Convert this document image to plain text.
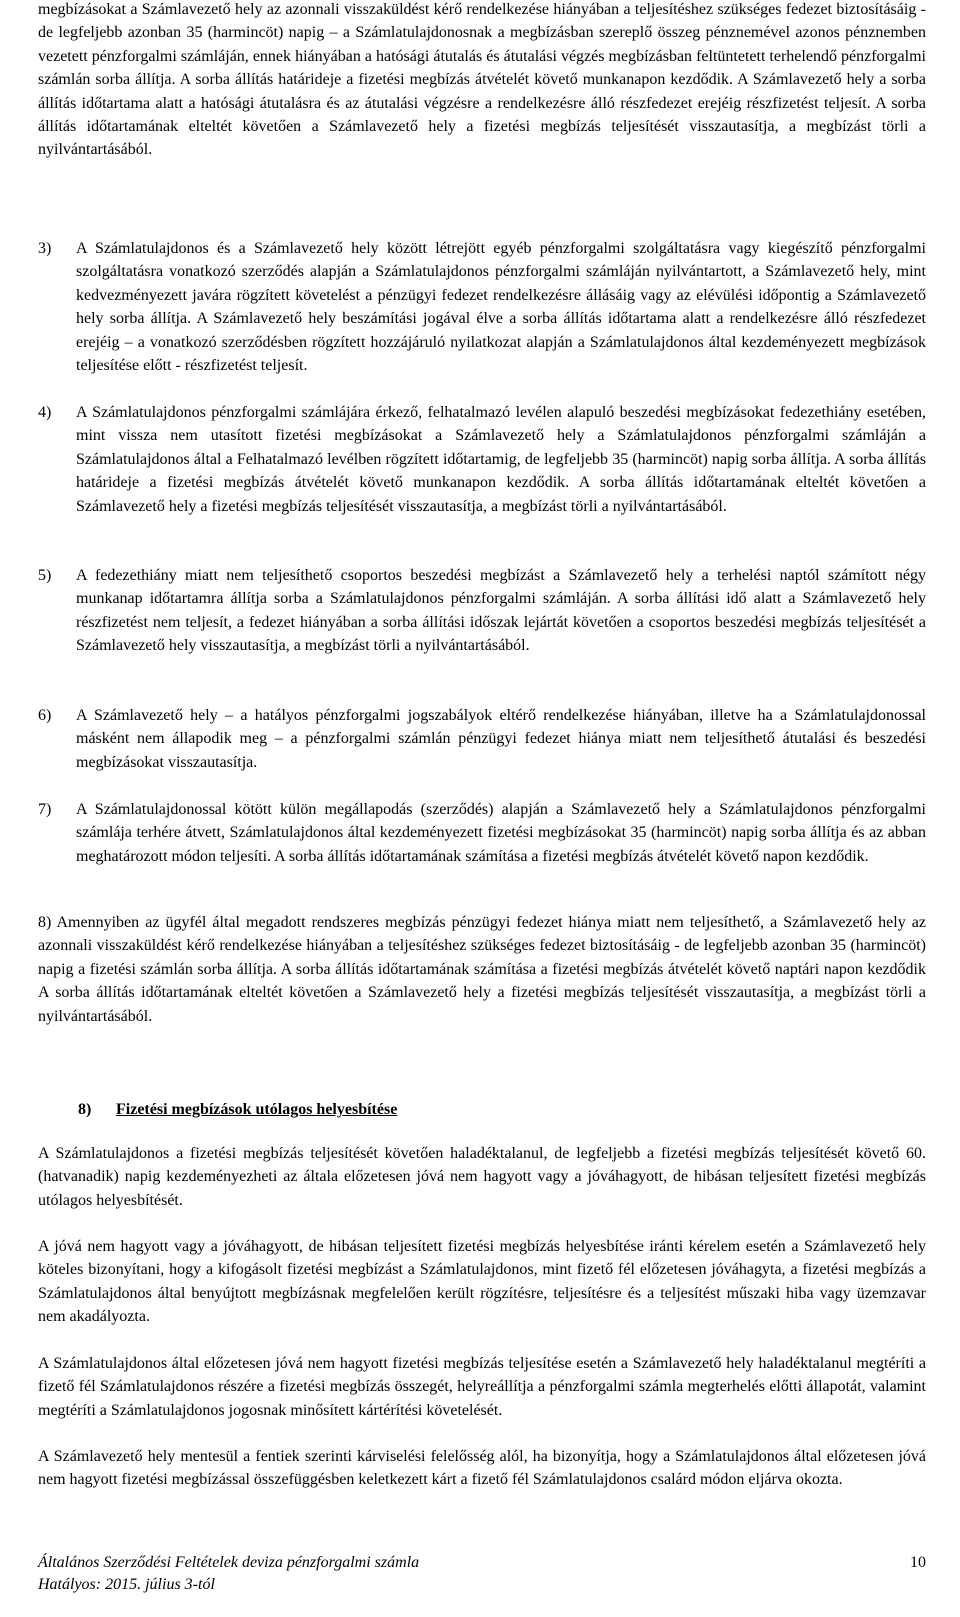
megbízásokat a Számlavezető hely az azonnali visszaküldést kérő rendelkezése hiányában a teljesítéshez szükséges fedezet biztosításáig - de legfeljebb azonban 35 (harmincöt) napig – a Számlatulajdonosnak a megbízásban szereplő összeg pénznemével azonos pénznemben vezetett pénzforgalmi számláján, ennek hiányában a hatósági átutalás és átutalási végzés megbízásban feltüntetett terhelendő pénzforgalmi számlán sorba állítja. A sorba állítás határideje a fizetési megbízás átvételét követő munkanapon kezdődik. A Számlavezető hely a sorba állítás időtartama alatt a hatósági átutalásra és az átutalási végzésre a rendelkezésre álló részfedezet erejéig részfizetést teljesít. A sorba állítás időtartamának elteltét követően a Számlavezető hely a fizetési megbízás teljesítését visszautasítja, a megbízást törli a nyilvántartásából.

3) A Számlatulajdonos és a Számlavezető hely között létrejött egyéb pénzforgalmi szolgáltatásra vagy kiegészítő pénzforgalmi szolgáltatásra vonatkozó szerződés alapján a Számlatulajdonos pénzforgalmi számláján nyilvántartott, a Számlavezető hely, mint kedvezményezett javára rögzített követelést a pénzügyi fedezet rendelkezésre állásáig vagy az elévülési időpontig a Számlavezető hely sorba állítja. A Számlavezető hely beszámítási jogával élve a sorba állítás időtartama alatt a rendelkezésre álló részfedezet erejéig – a vonatkozó szerződésben rögzített hozzájáruló nyilatkozat alapján a Számlatulajdonos által kezdeményezett megbízások teljesítése előtt - részfizetést teljesít.

4) A Számlatulajdonos pénzforgalmi számlájára érkező, felhatalmazó levélen alapuló beszedési megbízásokat fedezethiány esetében, mint vissza nem utasított fizetési megbízásokat a Számlavezető hely a Számlatulajdonos pénzforgalmi számláján a Számlatulajdonos által a Felhatalmazó levélben rögzített időtartamig, de legfeljebb 35 (harmincöt) napig sorba állítja. A sorba állítás határideje a fizetési megbízás átvételét követő munkanapon kezdődik. A sorba állítás időtartamának elteltét követően a Számlavezető hely a fizetési megbízás teljesítését visszautasítja, a megbízást törli a nyilvántartásából.

5) A fedezethiány miatt nem teljesíthető csoportos beszedési megbízást a Számlavezető hely a terhelési naptól számított négy munkanap időtartamra állítja sorba a Számlatulajdonos pénzforgalmi számláján. A sorba állítási idő alatt a Számlavezető hely részfizetést nem teljesít, a fedezet hiányában a sorba állítási időszak lejártát követően a csoportos beszedési megbízás teljesítését a Számlavezető hely visszautasítja, a megbízást törli a nyilvántartásából.

6) A Számlavezető hely – a hatályos pénzforgalmi jogszabályok eltérő rendelkezése hiányában, illetve ha a Számlatulajdonossal másként nem állapodik meg – a pénzforgalmi számlán pénzügyi fedezet hiánya miatt nem teljesíthető átutalási és beszedési megbízásokat visszautasítja.

7) A Számlatulajdonossal kötött külön megállapodás (szerződés) alapján a Számlavezető hely a Számlatulajdonos pénzforgalmi számlája terhére átvett, Számlatulajdonos által kezdeményezett fizetési megbízásokat 35 (harmincöt) napig sorba állítja és az abban meghatározott módon teljesíti. A sorba állítás időtartamának számítása a fizetési megbízás átvételét követő napon kezdődik.

8) Amennyiben az ügyfél által megadott rendszeres megbízás pénzügyi fedezet hiánya miatt nem teljesíthető, a Számlavezető hely az azonnali visszaküldést kérő rendelkezése hiányában a teljesítéshez szükséges fedezet biztosításáig - de legfeljebb azonban 35 (harmincöt) napig a fizetési számlán sorba állítja. A sorba állítás időtartamának számítása a fizetési megbízás átvételét követő naptári napon kezdődik A sorba állítás időtartamának elteltét követően a Számlavezető hely a fizetési megbízás teljesítését visszautasítja, a megbízást törli a nyilvántartásából.

8) Fizetési megbízások utólagos helyesbítése

A Számlatulajdonos a fizetési megbízás teljesítését követően haladéktalanul, de legfeljebb a fizetési megbízás teljesítését követő 60. (hatvanadik) napig kezdeményezheti az általa előzetesen jóvá nem hagyott vagy a jóváhagyott, de hibásan teljesített fizetési megbízás utólagos helyesbítését.

A jóvá nem hagyott vagy a jóváhagyott, de hibásan teljesített fizetési megbízás helyesbítése iránti kérelem esetén a Számlavezető hely köteles bizonyítani, hogy a kifogásolt fizetési megbízást a Számlatulajdonos, mint fizető fél előzetesen jóváhagyta, a fizetési megbízás a Számlatulajdonos által benyújtott megbízásnak megfelelően került rögzítésre, teljesítésre és a teljesítést műszaki hiba vagy üzemzavar nem akadályozta.

A Számlatulajdonos által előzetesen jóvá nem hagyott fizetési megbízás teljesítése esetén a Számlavezető hely haladéktalanul megtéríti a fizető fél Számlatulajdonos részére a fizetési megbízás összegét, helyreállítja a pénzforgalmi számla megterhelés előtti állapotát, valamint megtéríti a Számlatulajdonos jogosnak minősített kártérítési követelését.

A Számlavezető hely mentesül a fentiek szerinti kárviselési felelősség alól, ha bizonyítja, hogy a Számlatulajdonos által előzetesen jóvá nem hagyott fizetési megbízással összefüggésben keletkezett kárt a fizető fél Számlatulajdonos csalárd módon eljárva okozta.

Általános Szerződési Feltételek deviza pénzforgalmi számla
Hatályos: 2015. július 3-tól
10
